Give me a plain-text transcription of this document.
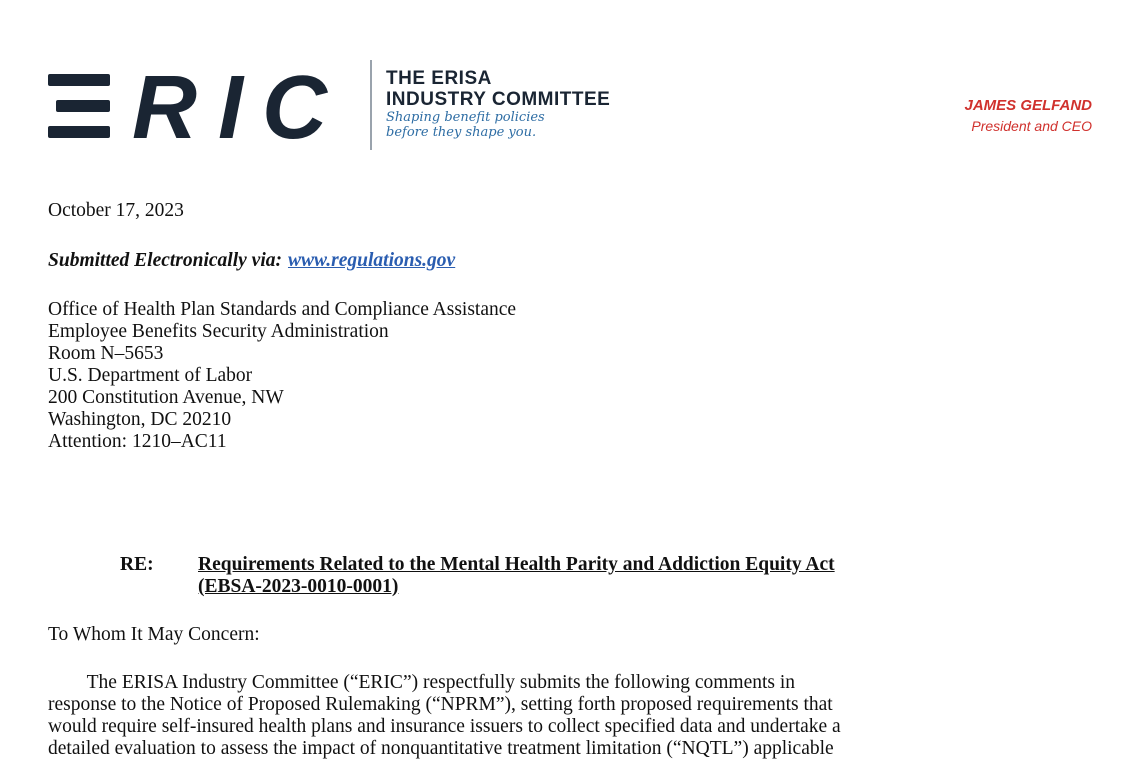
R I C	THE ERISA
INDUSTRY COMMITTEE
Shaping benefit policies
before they shape you.
JAMES GELFAND
President and CEO
October 17, 2023
Submitted Electronically via: www.regulations.gov
Office of Health Plan Standards and Compliance Assistance
Employee Benefits Security Administration
Room N–5653
U.S. Department of Labor
200 Constitution Avenue, NW
Washington, DC 20210
Attention: 1210–AC11
RE: Requirements Related to the Mental Health Parity and Addiction Equity Act
(EBSA-2023-0010-0001)
To Whom It May Concern:
The ERISA Industry Committee (“ERIC”) respectfully submits the following comments in
response to the Notice of Proposed Rulemaking (“NPRM”), setting forth proposed requirements that
would require self-insured health plans and insurance issuers to collect specified data and undertake a
detailed evaluation to assess the impact of nonquantitative treatment limitation (“NQTL”) applicable
